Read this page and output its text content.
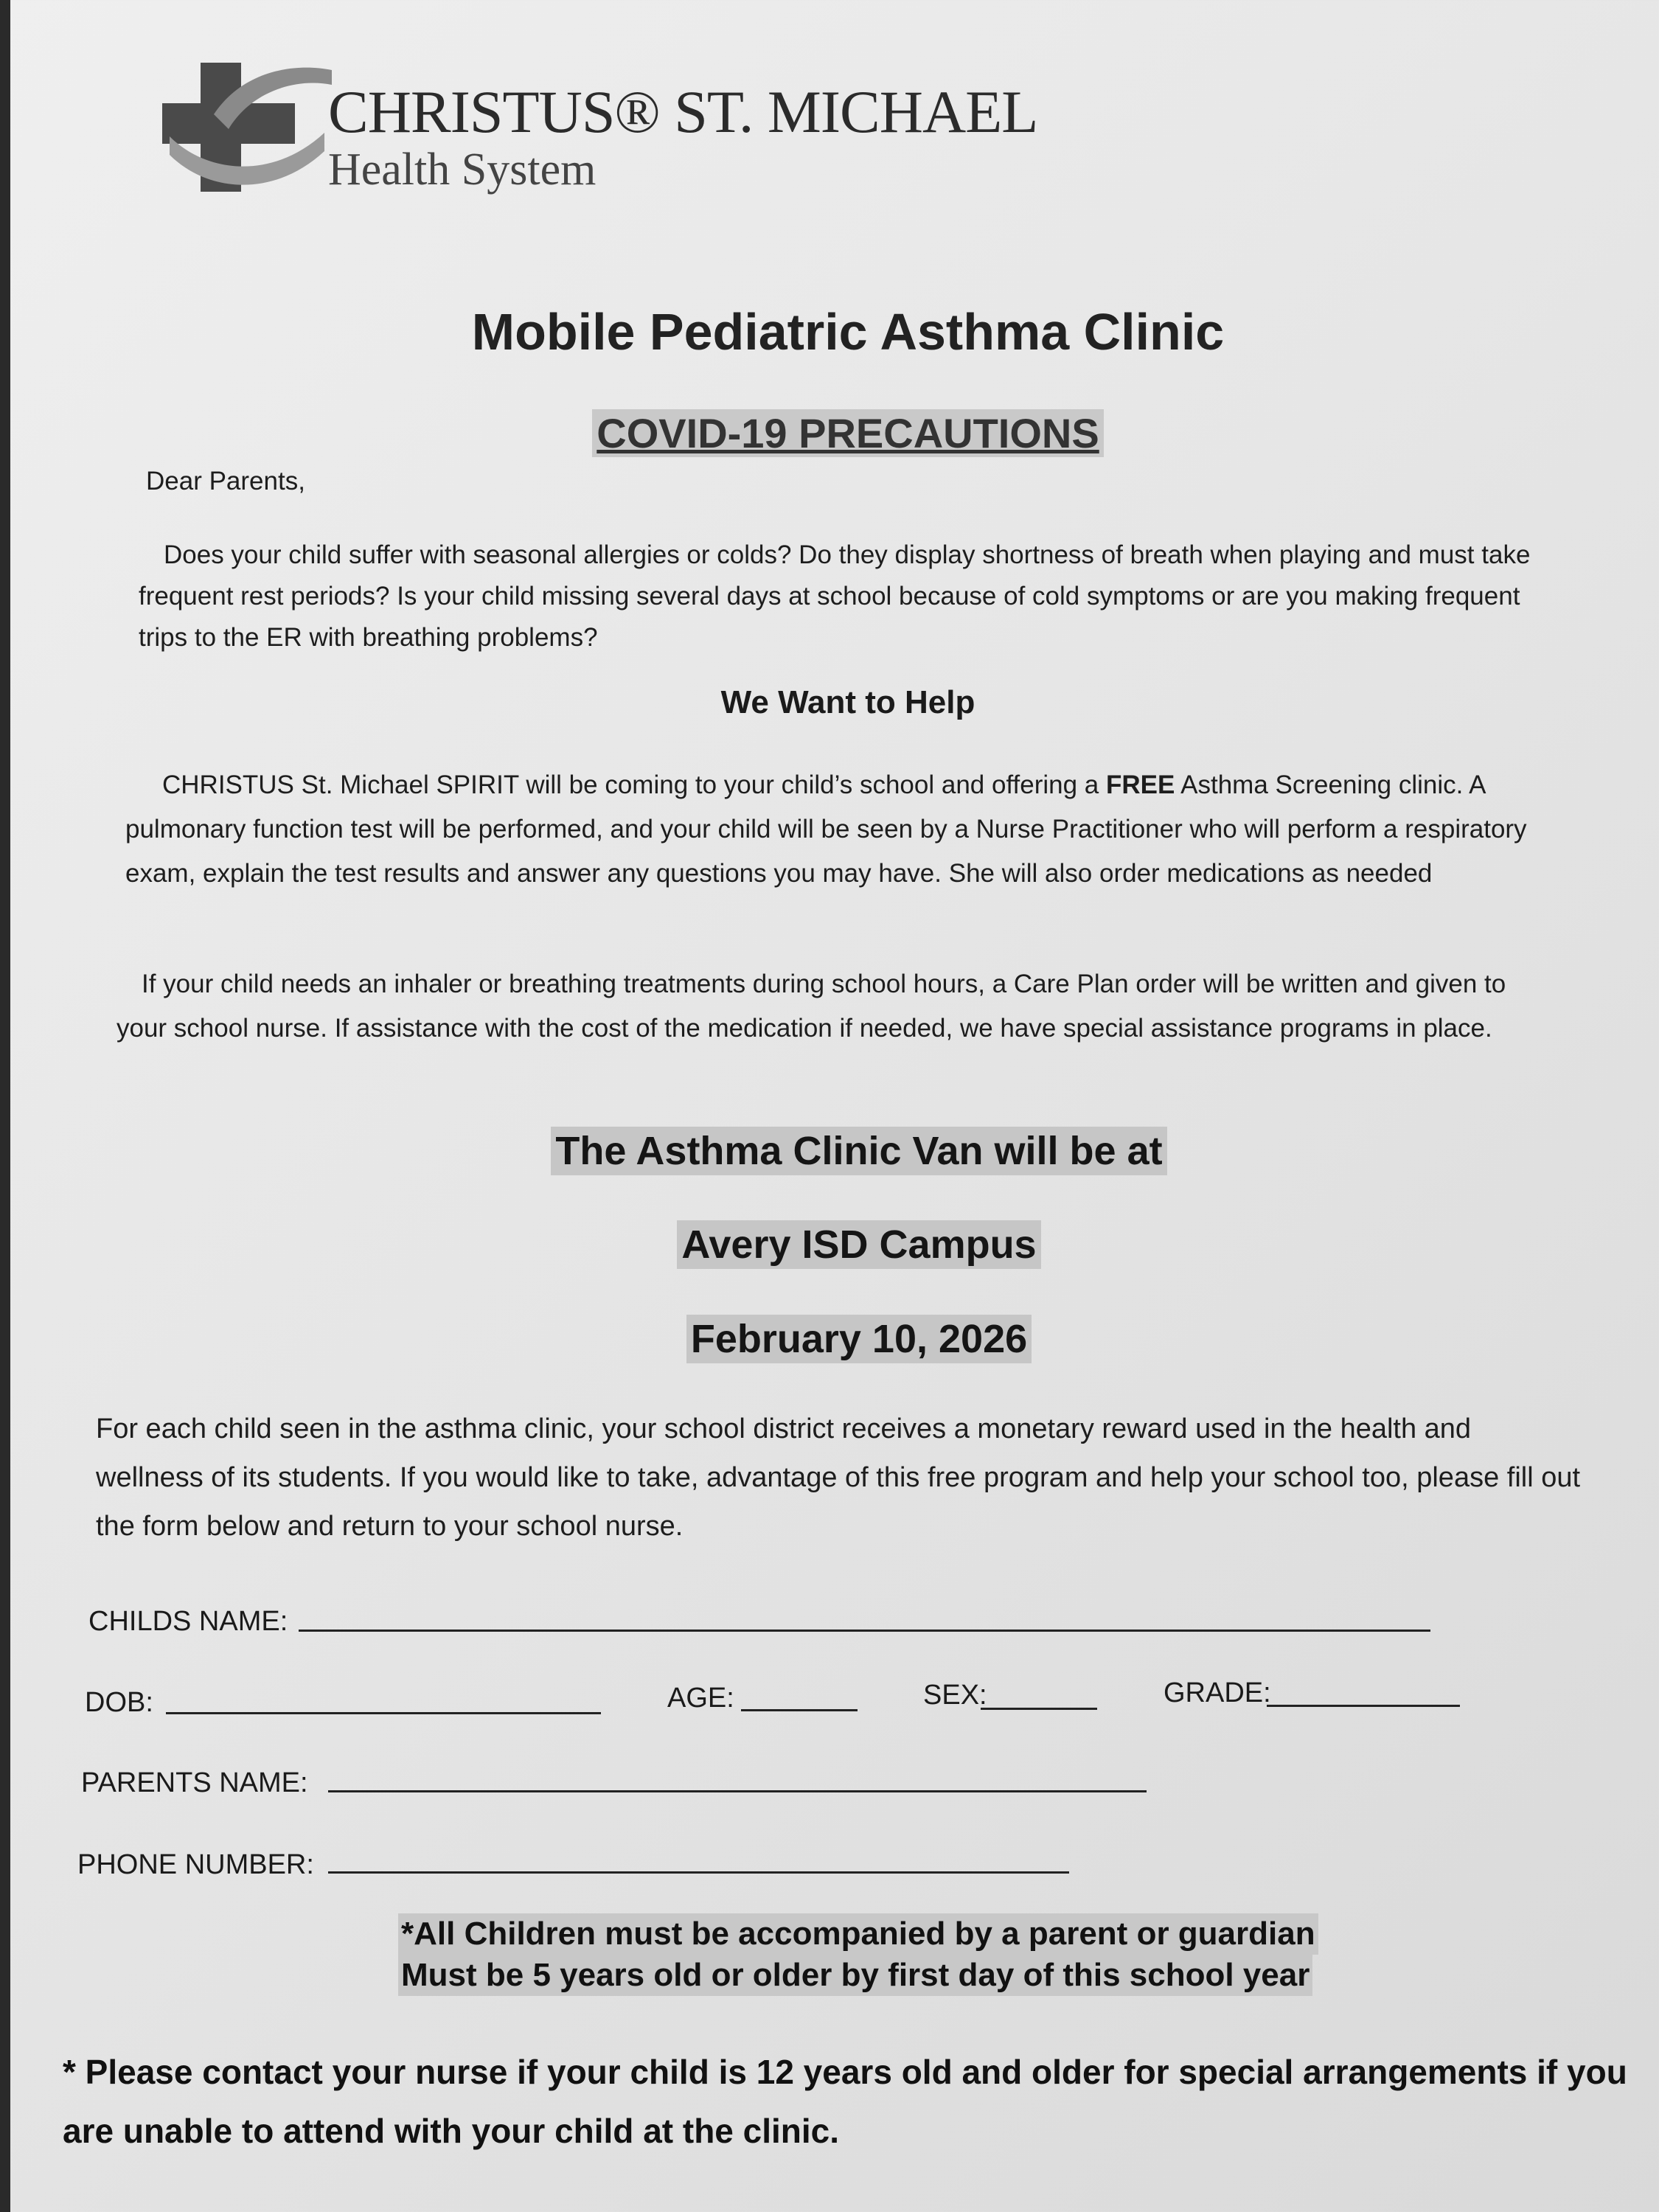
CHRISTUS® ST. MICHAEL
Health System
Mobile Pediatric Asthma Clinic
COVID-19 PRECAUTIONS
Dear Parents,
Does your child suffer with seasonal allergies or colds? Do they display shortness of breath when playing and must take frequent rest periods? Is your child missing several days at school because of cold symptoms or are you making frequent trips to the ER with breathing problems?
We Want to Help
CHRISTUS St. Michael SPIRIT will be coming to your child’s school and offering a FREE Asthma Screening clinic. A pulmonary function test will be performed, and your child will be seen by a Nurse Practitioner who will perform a respiratory exam, explain the test results and answer any questions you may have. She will also order medications as needed
If your child needs an inhaler or breathing treatments during school hours, a Care Plan order will be written and given to your school nurse. If assistance with the cost of the medication if needed, we have special assistance programs in place.
The Asthma Clinic Van will be at
Avery ISD Campus
February 10, 2026
For each child seen in the asthma clinic, your school district receives a monetary reward used in the health and wellness of its students. If you would like to take, advantage of this free program and help your school too, please fill out the form below and return to your school nurse.
CHILDS NAME:
DOB:	AGE:	SEX:	GRADE:
PARENTS NAME:
PHONE NUMBER:
*All Children must be accompanied by a parent or guardian
Must be 5 years old or older by first day of this school year
* Please contact your nurse if your child is 12 years old and older for special arrangements if you are unable to attend with your child at the clinic.
